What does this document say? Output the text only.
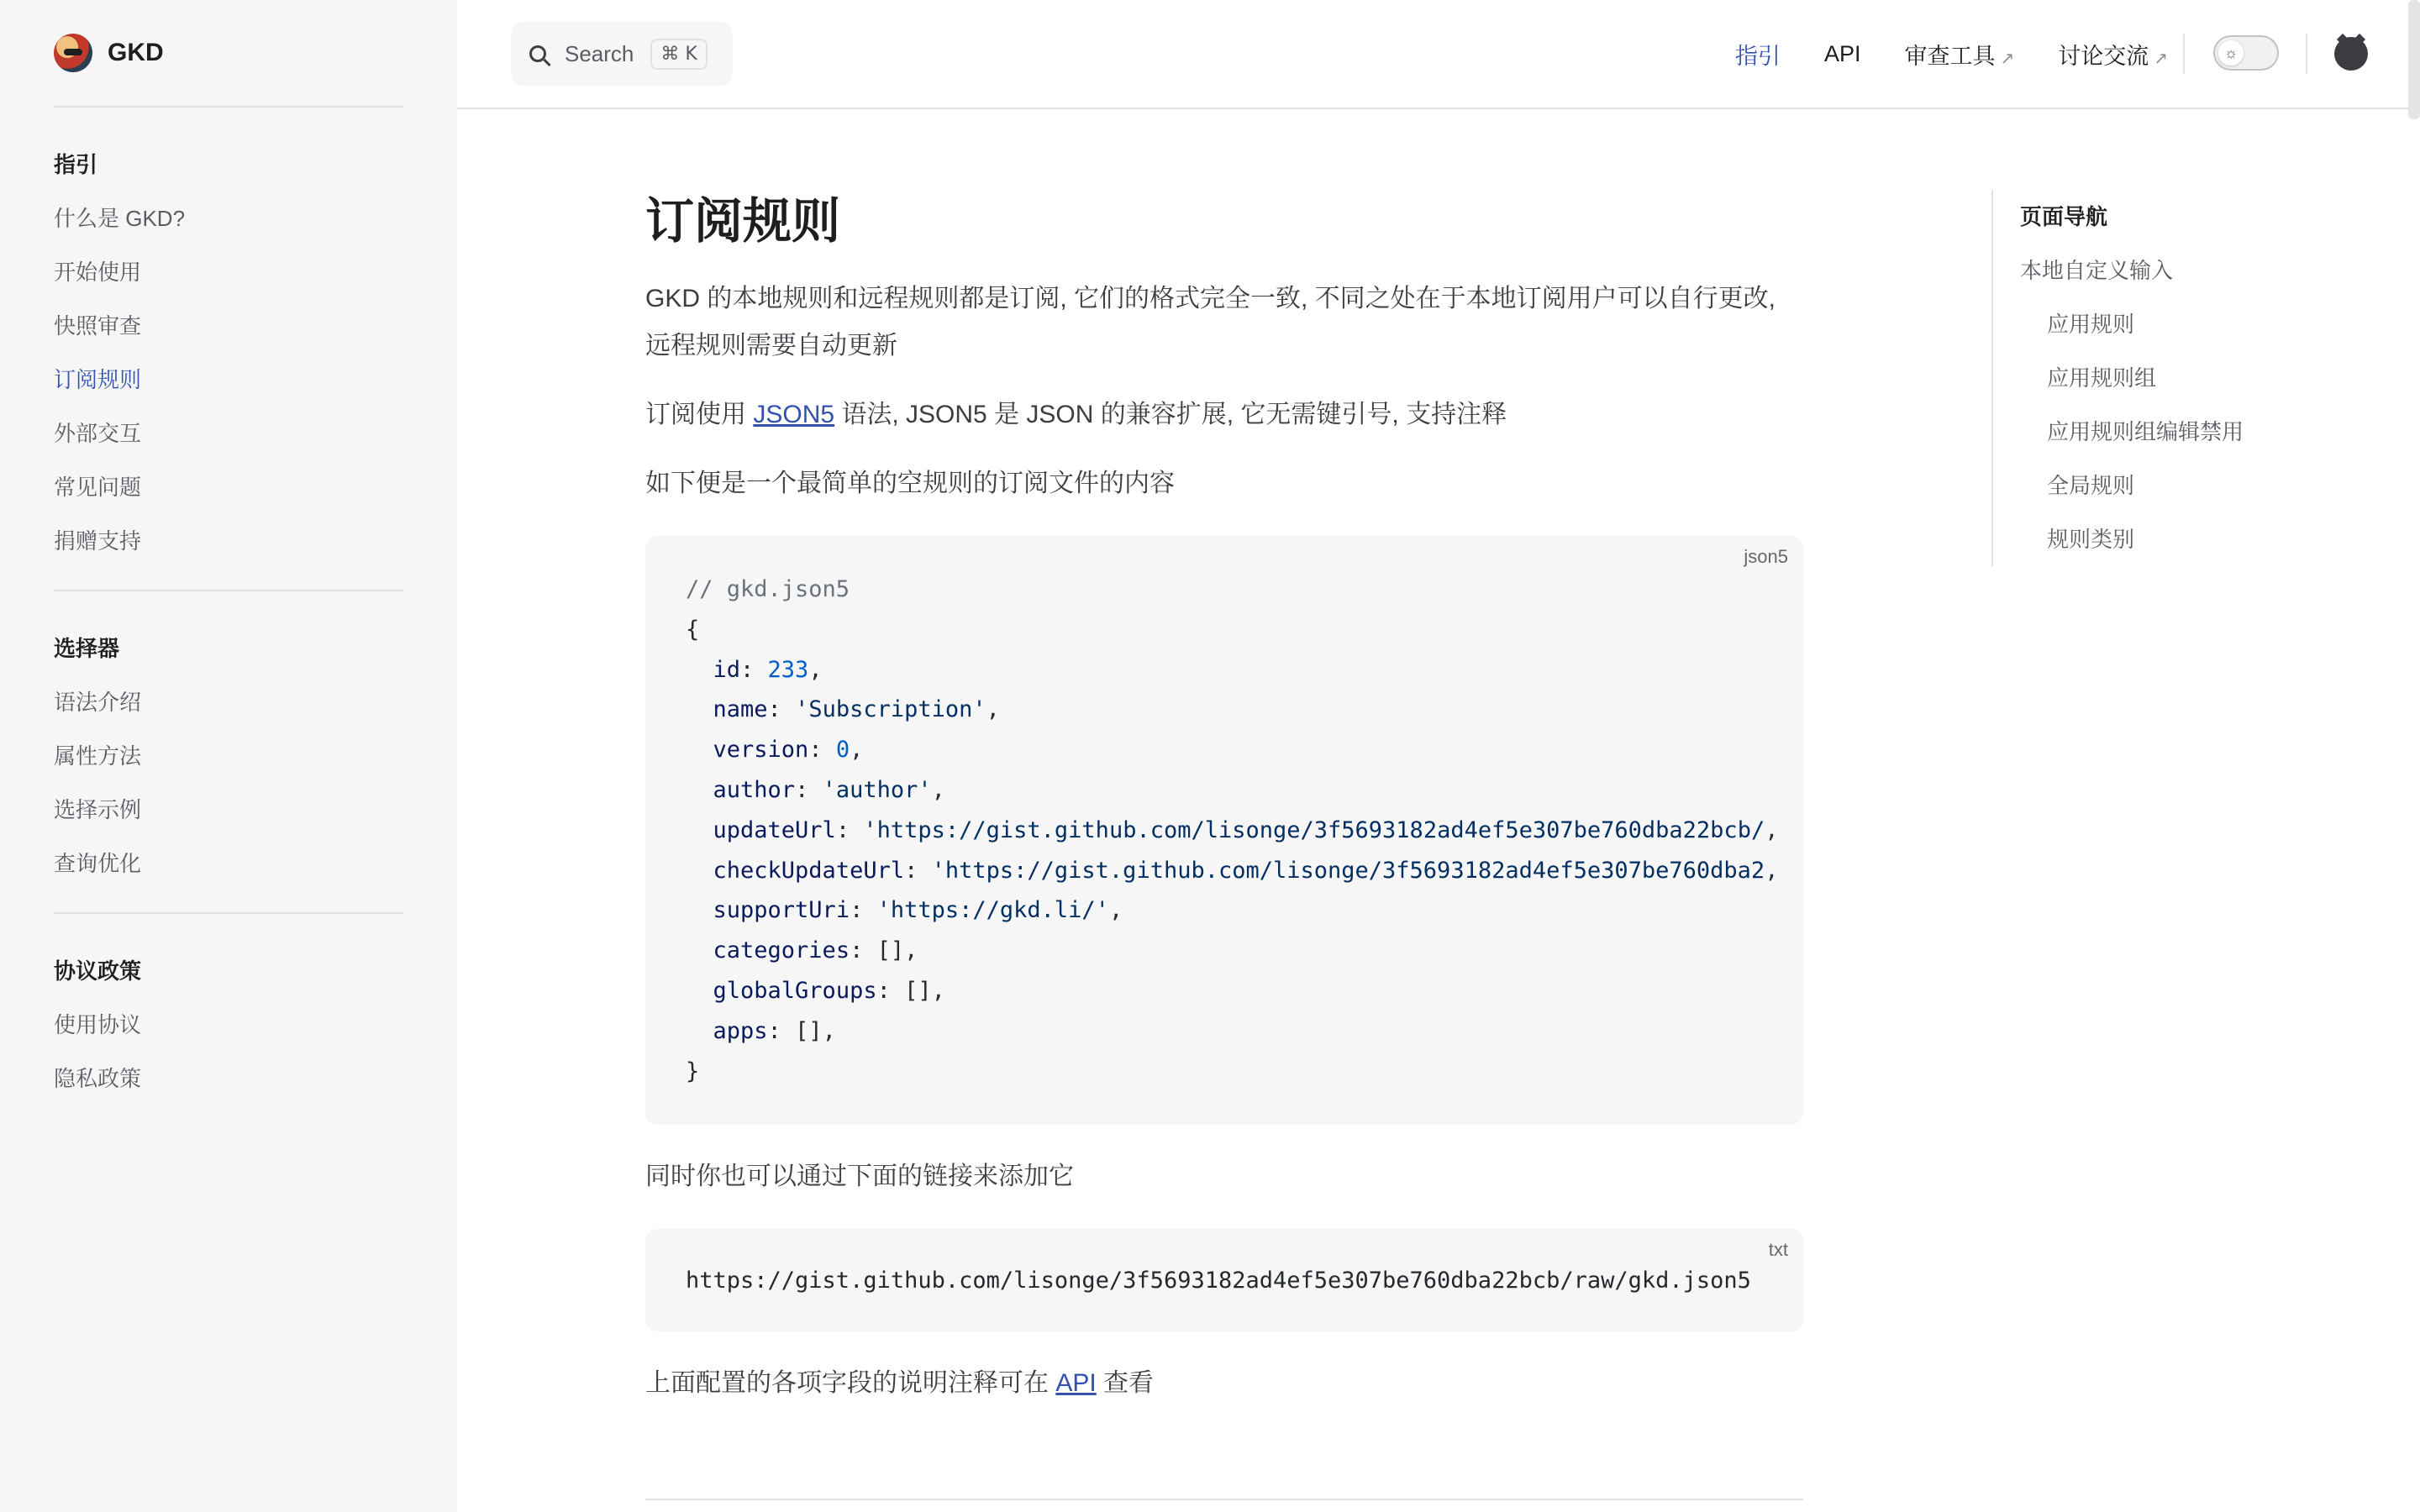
GKD
指引
什么是 GKD?
开始使用
快照审查
订阅规则
外部交互
常见问题
捐赠支持
选择器
语法介绍
属性方法
选择示例
查询优化
协议政策
使用协议
隐私政策
Search	⌘ K	指引 API 审查工具 ↗ 讨论交流 ↗	☼
订阅规则

GKD 的本地规则和远程规则都是订阅, 它们的格式完全一致, 不同之处在于本地订阅用户可以自行更改, 远程规则需要自动更新

订阅使用 JSON5 语法, JSON5 是 JSON 的兼容扩展, 它无需键引号, 支持注释

如下便是一个最简单的空规则的订阅文件的内容

json5
// gkd.json5
{
id: 233,
name: 'Subscription',
version: 0,
author: 'author',
updateUrl: 'https://gist.github.com/lisonge/3f5693182ad4ef5e307be760dba22bcb/,
checkUpdateUrl: 'https://gist.github.com/lisonge/3f5693182ad4ef5e307be760dba2,
supportUri: 'https://gkd.li/',
categories: [],
globalGroups: [],
apps: [],
}

同时你也可以通过下面的链接来添加它

txt
https://gist.github.com/lisonge/3f5693182ad4ef5e307be760dba22bcb/raw/gkd.json5

上面配置的各项字段的说明注释可在 API 查看

页面导航
本地自定义输入
应用规则
应用规则组
应用规则组编辑禁用
全局规则
规则类别
